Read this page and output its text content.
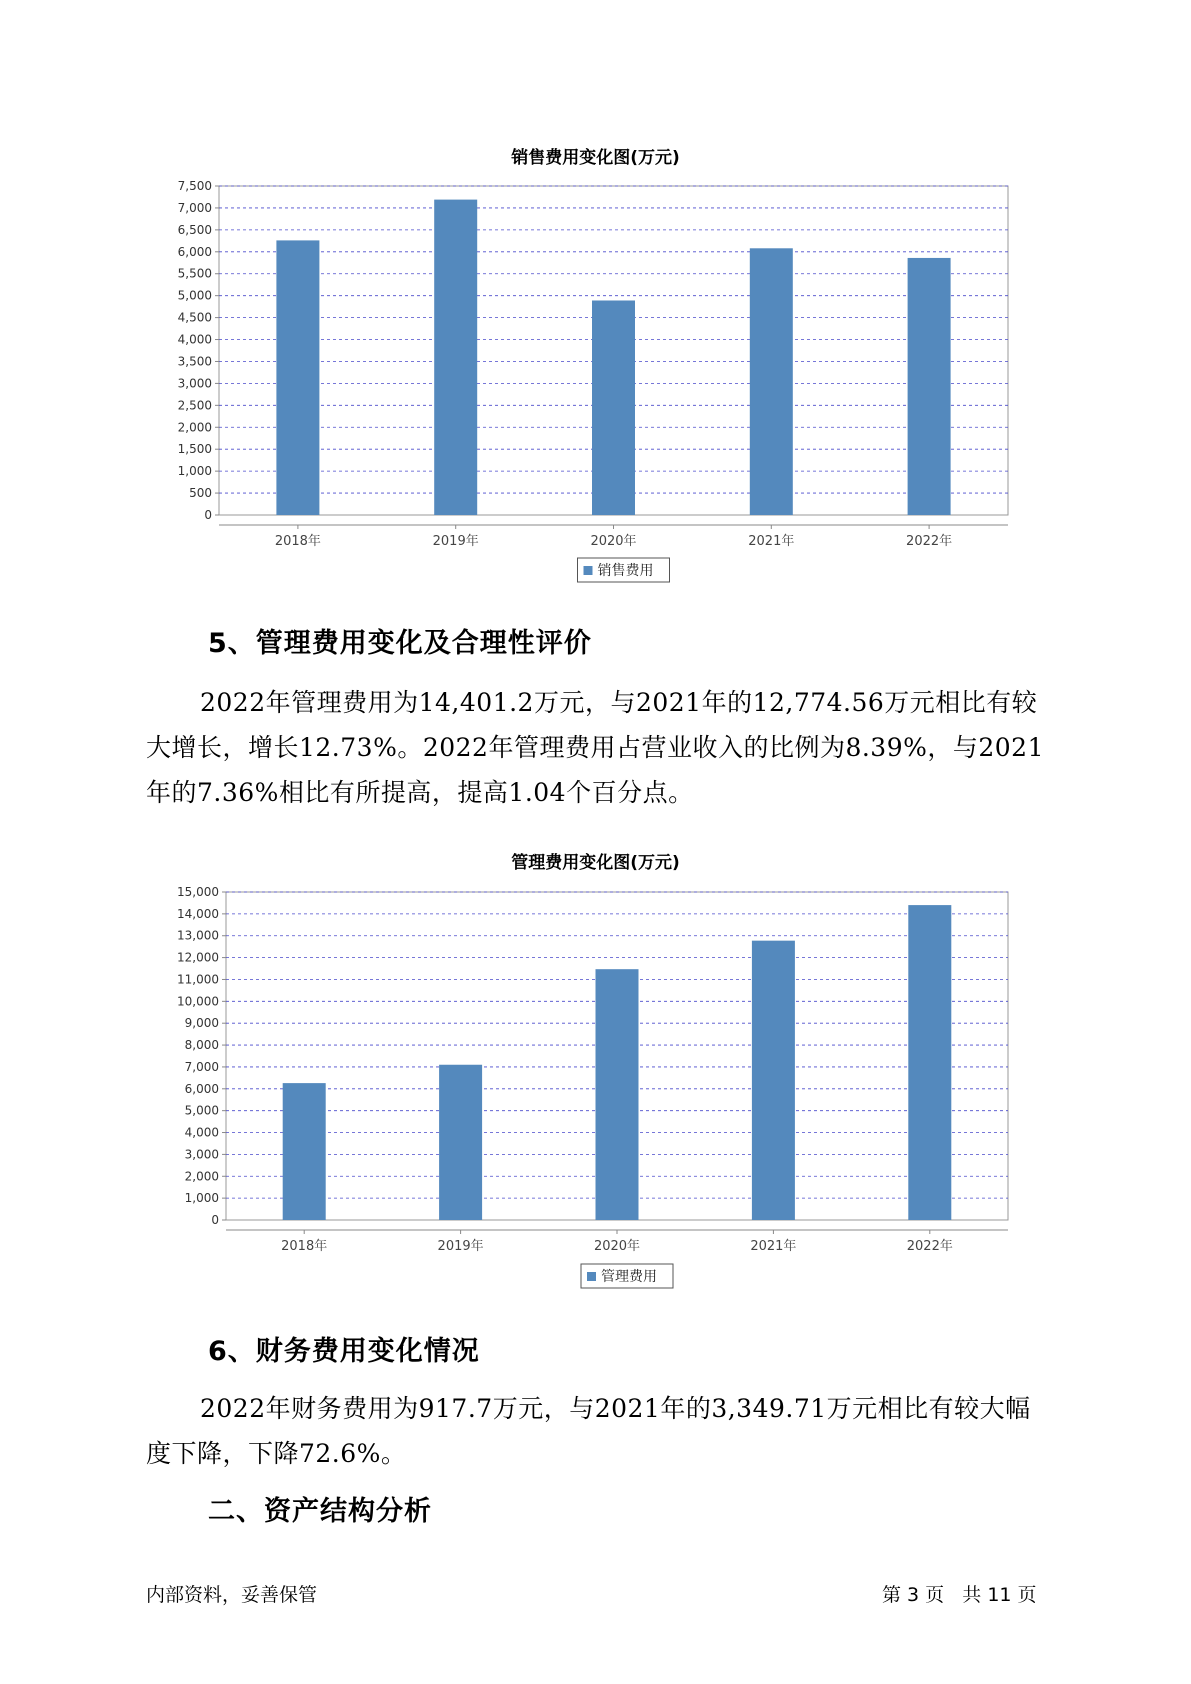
销售费用变化图(万元)
0
500
1,000
1,500
2,000
2,500
3,000
3,500
4,000
4,500
5,000
5,500
6,000
6,500
7,000
7,500
2018年	2019年	2020年	2021年	2022年
销售费用
5、管理费用变化及合理性评价

2022年管理费用为14,401.2万元，与2021年的12,774.56万元相比有较大增长，增长12.73%。2022年管理费用占营业收入的比例为8.39%，与2021年的7.36%相比有所提高，提高1.04个百分点。

管理费用变化图(万元)
0
1,000
2,000
3,000
4,000
5,000
6,000
7,000
8,000
9,000
10,000
11,000
12,000
13,000
14,000
15,000
2018年	2019年	2020年	2021年	2022年
管理费用
6、财务费用变化情况

2022年财务费用为917.7万元，与2021年的3,349.71万元相比有较大幅度下降，下降72.6%。

二、资产结构分析
内部资料，妥善保管	第 3 页   共 11 页
